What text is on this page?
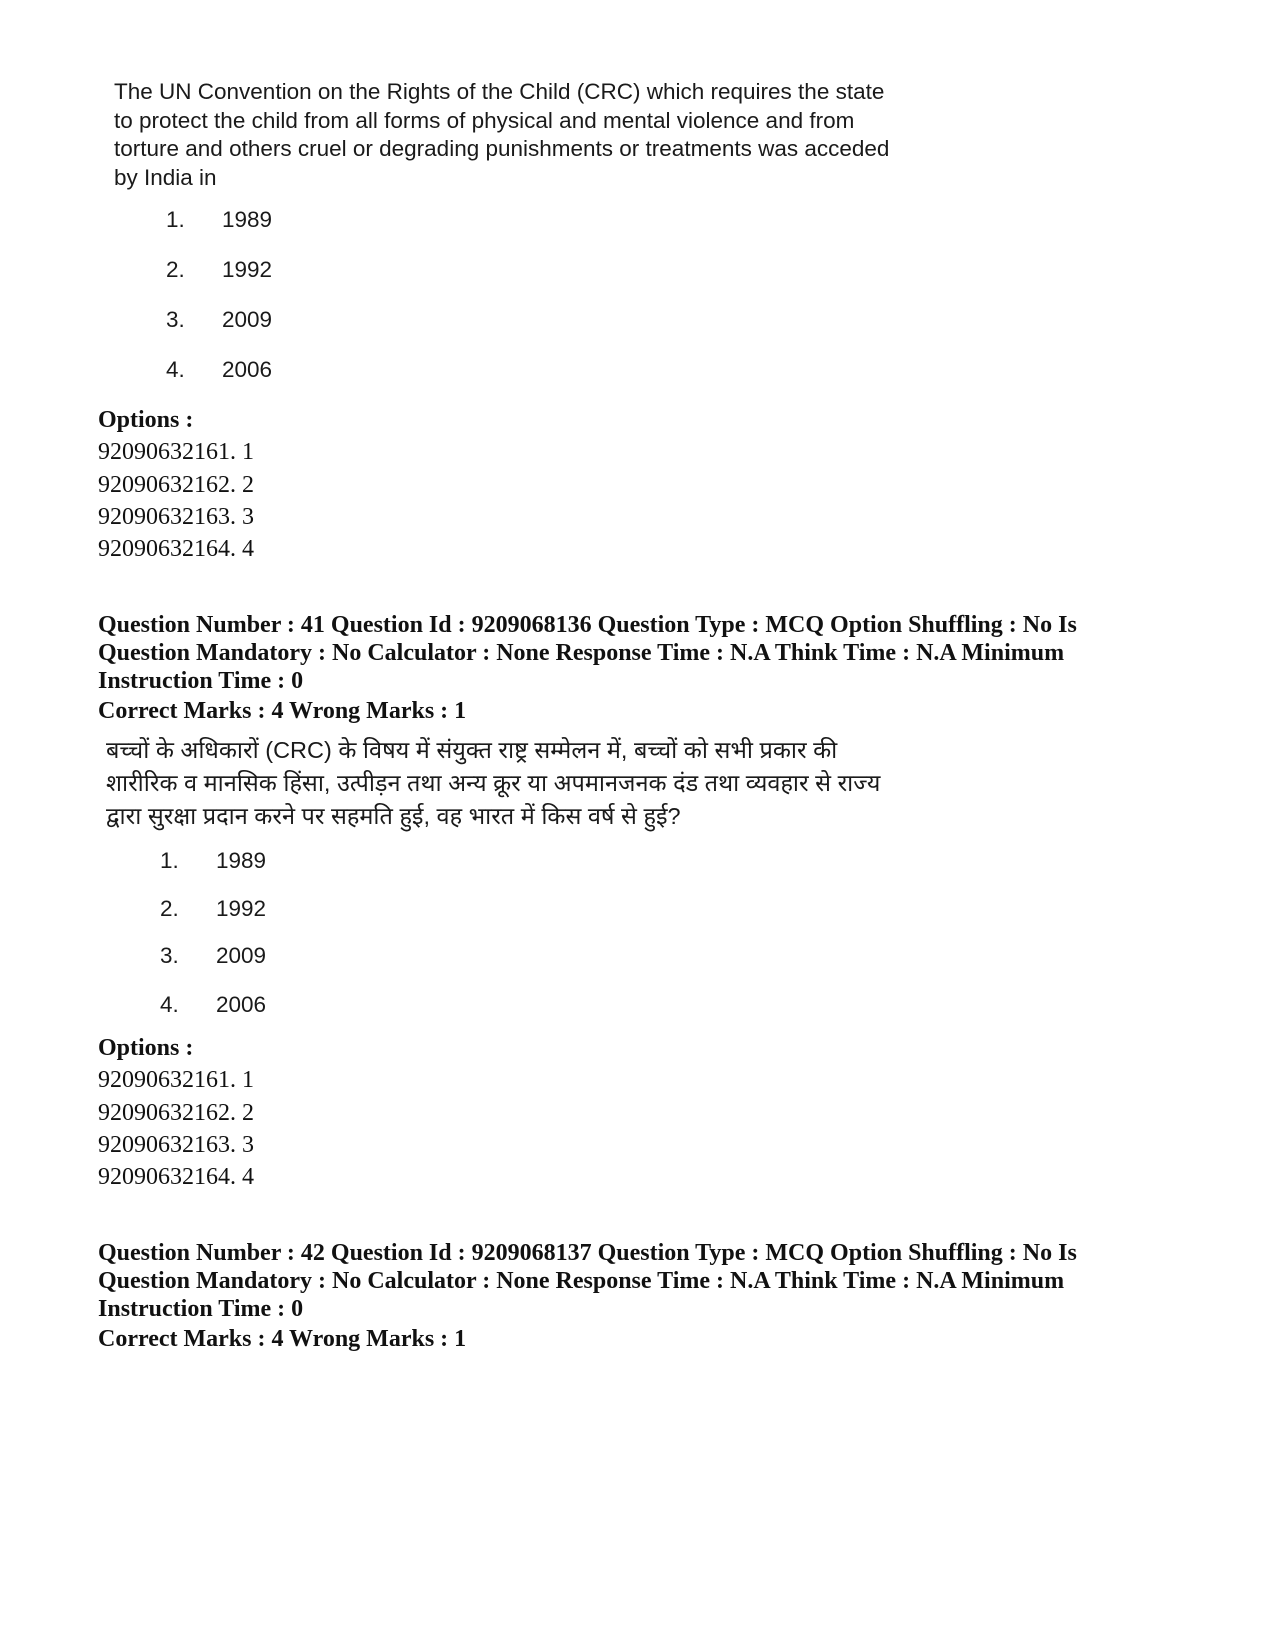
The UN Convention on the Rights of the Child (CRC) which requires the state
to protect the child from all forms of physical and mental violence and from
torture and others cruel or degrading punishments or treatments was acceded
by India in
1.	1989
2.	1992
3.	2009
4.	2006
Options :
92090632161. 1
92090632162. 2
92090632163. 3
92090632164. 4
Question Number : 41 Question Id : 9209068136 Question Type : MCQ Option Shuffling : No Is
Question Mandatory : No Calculator : None Response Time : N.A Think Time : N.A Minimum
Instruction Time : 0
Correct Marks : 4 Wrong Marks : 1
बच्चों के अधिकारों (CRC) के विषय में संयुक्त राष्ट्र सम्मेलन में, बच्चों को सभी प्रकार की
शारीरिक व मानसिक हिंसा, उत्पीड़न तथा अन्य क्रूर या अपमानजनक दंड तथा व्यवहार से राज्य
द्वारा सुरक्षा प्रदान करने पर सहमति हुई, वह भारत में किस वर्ष से हुई?
1.	1989
2.	1992
3.	2009
4.	2006
Options :
92090632161. 1
92090632162. 2
92090632163. 3
92090632164. 4
Question Number : 42 Question Id : 9209068137 Question Type : MCQ Option Shuffling : No Is
Question Mandatory : No Calculator : None Response Time : N.A Think Time : N.A Minimum
Instruction Time : 0
Correct Marks : 4 Wrong Marks : 1
